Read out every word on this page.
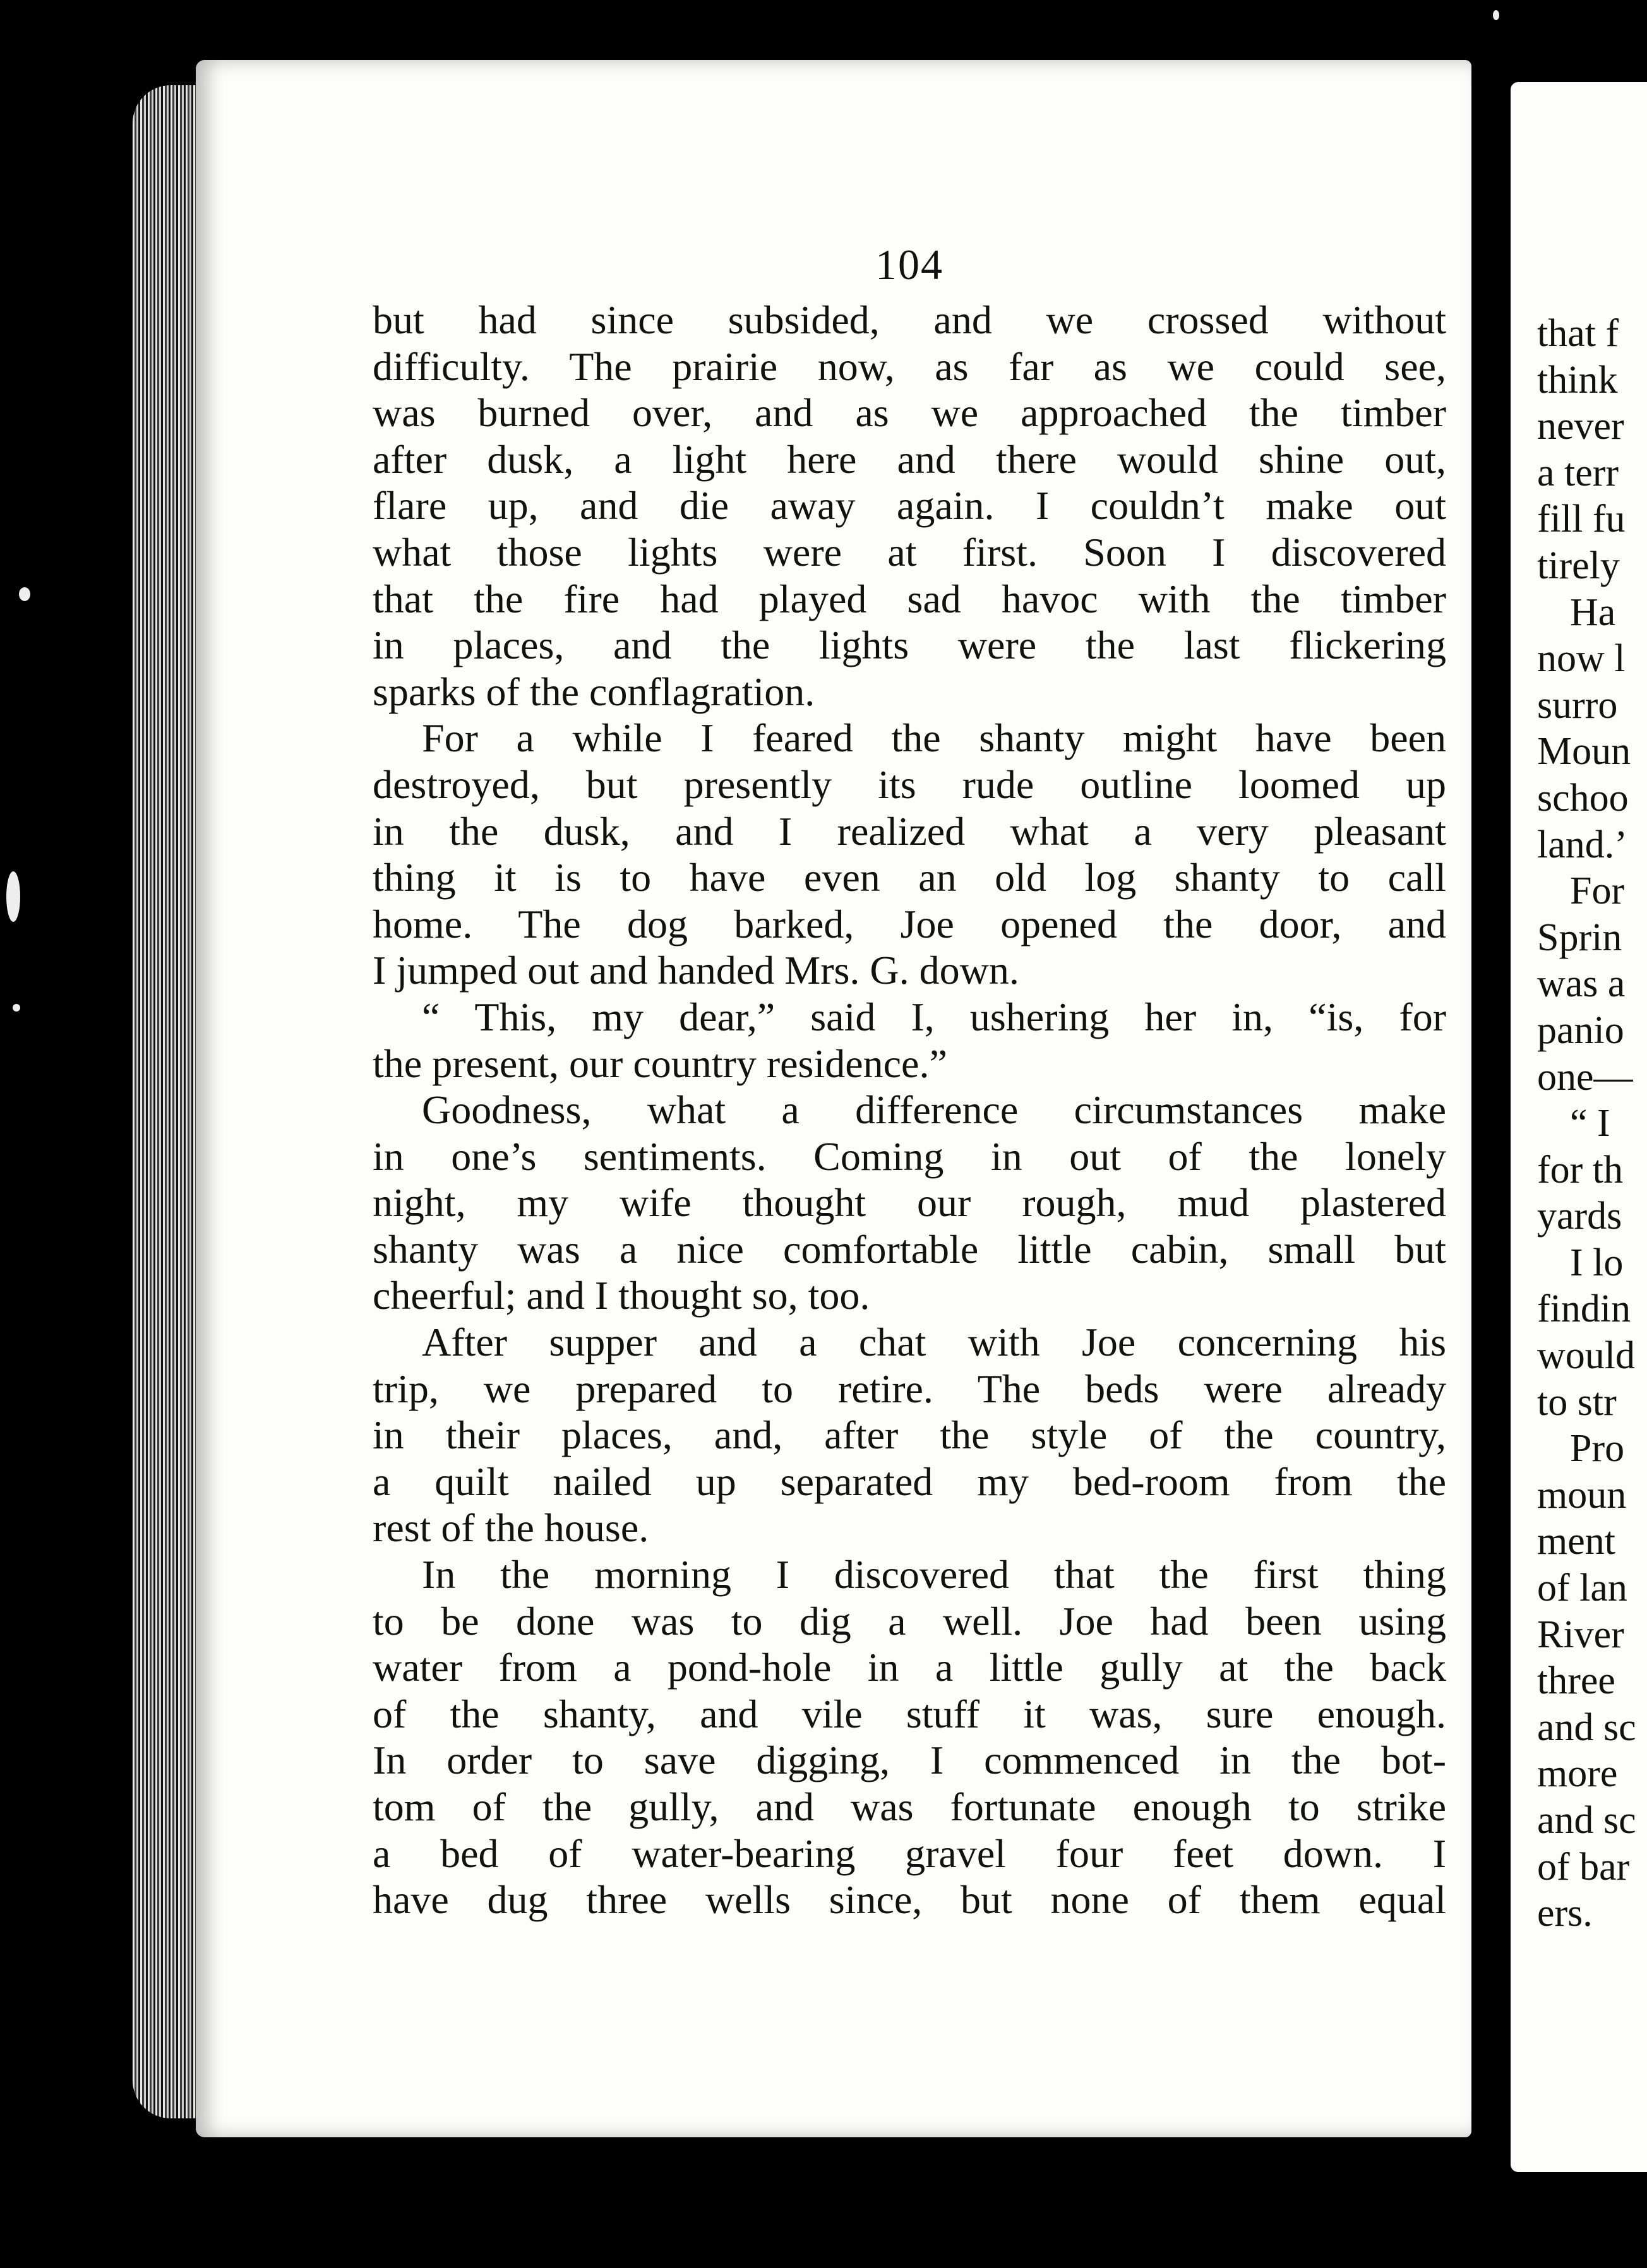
that f
think
never
a terr
fill fu
tirely
Ha
now l
surro
Moun
schoo
land.’
For
Sprin
was a
panio
one—
“ I
for th
yards
I lo
findin
would
to str
Pro
moun
ment
of lan
River
three
and sc
more
and sc
of bar
ers.
104
but had since subsided, and we crossed without
difficulty. The prairie now, as far as we could see,
was burned over, and as we approached the timber
after dusk, a light here and there would shine out,
flare up, and die away again. I couldn’t make out
what those lights were at first. Soon I discovered
that the fire had played sad havoc with the timber
in places, and the lights were the last flickering
sparks of the conflagration.
For a while I feared the shanty might have been
destroyed, but presently its rude outline loomed up
in the dusk, and I realized what a very pleasant
thing it is to have even an old log shanty to call
home. The dog barked, Joe opened the door, and
I jumped out and handed Mrs. G. down.
“ This, my dear,” said I, ushering her in, “is, for
the present, our country residence.”
Goodness, what a difference circumstances make
in one’s sentiments. Coming in out of the lonely
night, my wife thought our rough, mud plastered
shanty was a nice comfortable little cabin, small but
cheerful; and I thought so, too.
After supper and a chat with Joe concerning his
trip, we prepared to retire. The beds were already
in their places, and, after the style of the country,
a quilt nailed up separated my bed-room from the
rest of the house.
In the morning I discovered that the first thing
to be done was to dig a well. Joe had been using
water from a pond-hole in a little gully at the back
of the shanty, and vile stuff it was, sure enough.
In order to save digging, I commenced in the bot-
tom of the gully, and was fortunate enough to strike
a bed of water-bearing gravel four feet down. I
have dug three wells since, but none of them equal
